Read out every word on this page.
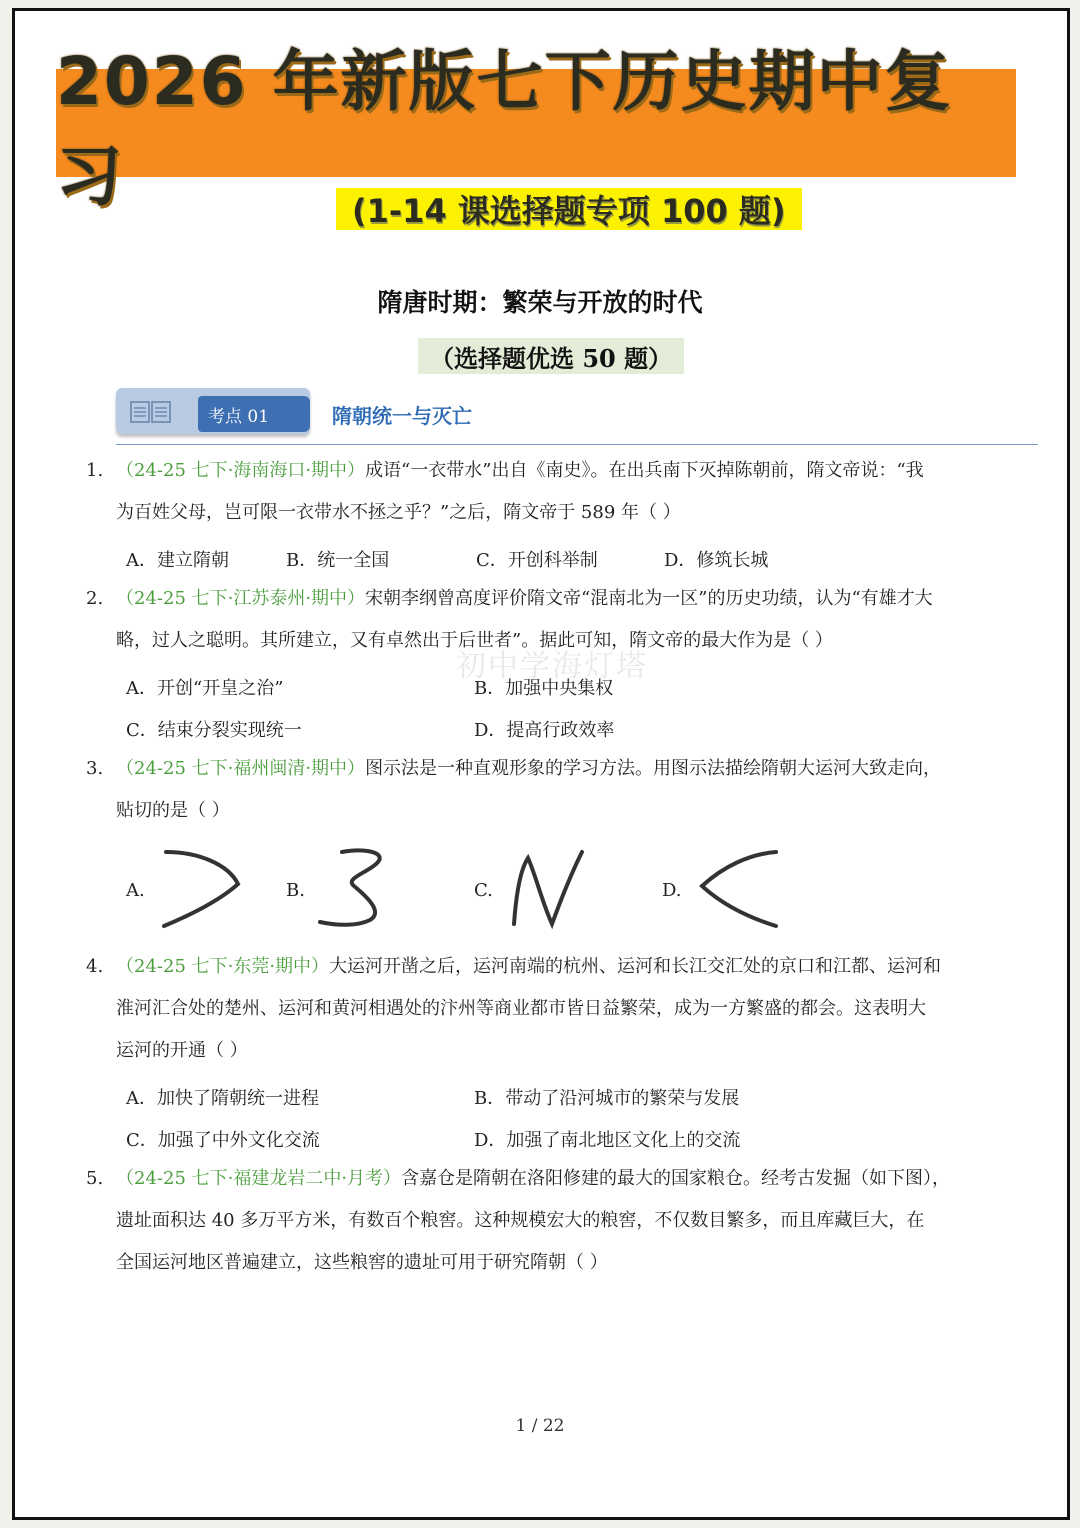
2026 年新版七下历史期中复习	(1-14 课选择题专项 100 题)
隋唐时期：繁荣与开放的时代
（选择题优选 50 题）
考点 01	隋朝统一与灭亡
1. （24-25 七下·海南海口·期中）成语“一衣带水”出自《南史》。在出兵南下灭掉陈朝前，隋文帝说：“我
为百姓父母，岂可限一衣带水不拯之乎？”之后，隋文帝于 589 年（ ）
A．建立隋朝	B．统一全国	C．开创科举制	D．修筑长城
2. （24-25 七下·江苏泰州·期中）宋朝李纲曾高度评价隋文帝“混南北为一区”的历史功绩，认为“有雄才大
略，过人之聪明。其所建立，又有卓然出于后世者”。据此可知，隋文帝的最大作为是（ ）
初中学海灯塔
A．开创“开皇之治”	B．加强中央集权
C．结束分裂实现统一	D．提高行政效率
3. （24-25 七下·福州闽清·期中）图示法是一种直观形象的学习方法。用图示法描绘隋朝大运河大致走向，
贴切的是（ ）
A.	B.	C.	D.
4. （24-25 七下·东莞·期中）大运河开凿之后，运河南端的杭州、运河和长江交汇处的京口和江都、运河和
淮河汇合处的楚州、运河和黄河相遇处的汴州等商业都市皆日益繁荣，成为一方繁盛的都会。这表明大
运河的开通（ ）
A．加快了隋朝统一进程	B．带动了沿河城市的繁荣与发展
C．加强了中外文化交流	D．加强了南北地区文化上的交流
5. （24-25 七下·福建龙岩二中·月考）含嘉仓是隋朝在洛阳修建的最大的国家粮仓。经考古发掘（如下图），
遗址面积达 40 多万平方米，有数百个粮窖。这种规模宏大的粮窖，不仅数目繁多，而且库藏巨大，在
全国运河地区普遍建立，这些粮窖的遗址可用于研究隋朝（ ）
1 / 22
